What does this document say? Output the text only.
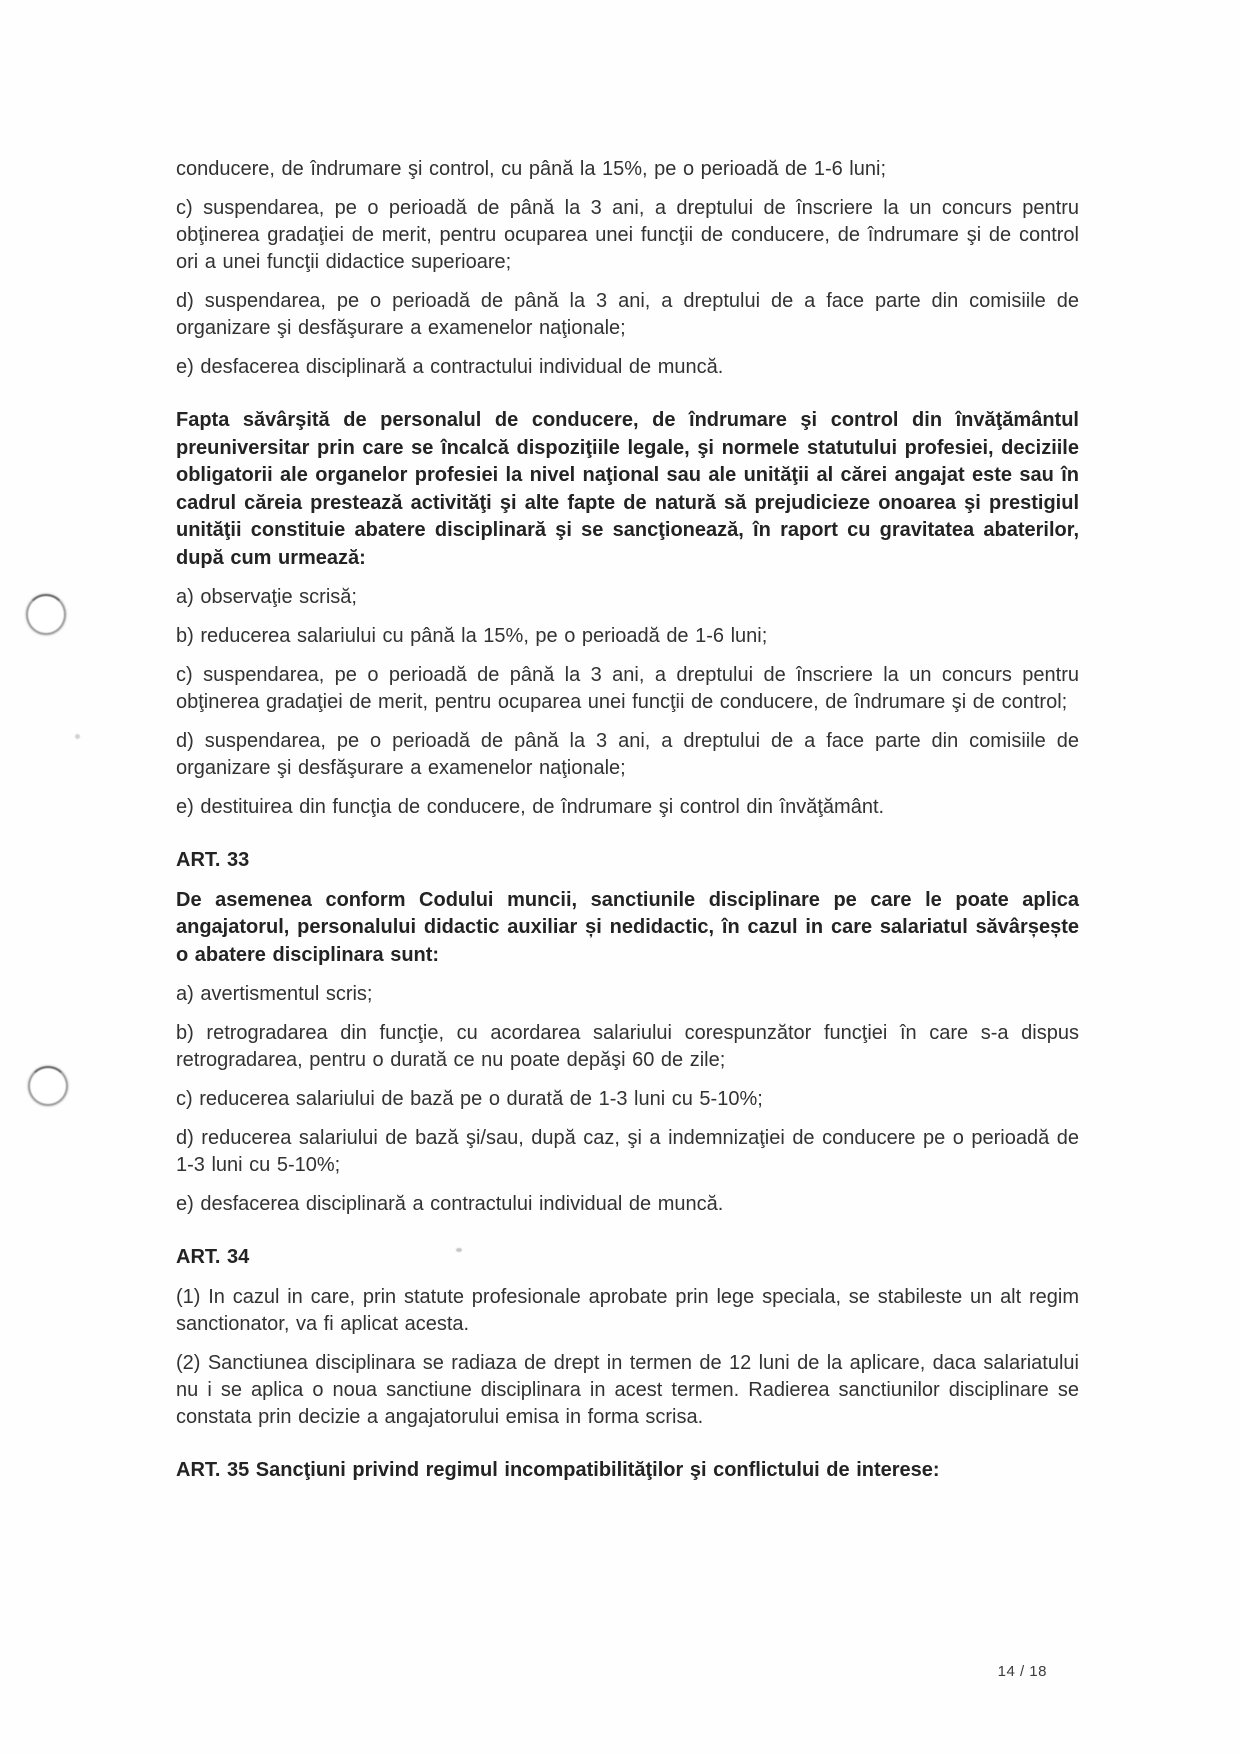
conducere, de îndrumare şi control, cu până la 15%, pe o perioadă de 1-6 luni;

c) suspendarea, pe o perioadă de până la 3 ani, a dreptului de înscriere la un concurs pentru obţinerea gradaţiei de merit, pentru ocuparea unei funcţii de conducere, de îndrumare şi de control ori a unei funcţii didactice superioare;

d) suspendarea, pe o perioadă de până la 3 ani, a dreptului de a face parte din comisiile de organizare şi desfăşurare a examenelor naţionale;

e) desfacerea disciplinară a contractului individual de muncă.

Fapta săvârşită de personalul de conducere, de îndrumare şi control din învăţământul preuniversitar prin care se încalcă dispoziţiile legale, şi normele statutului profesiei, deciziile obligatorii ale organelor profesiei la nivel naţional sau ale unităţii al cărei angajat este sau în cadrul căreia prestează activităţi şi alte fapte de natură să prejudicieze onoarea şi prestigiul unităţii constituie abatere disciplinară şi se sancţionează, în raport cu gravitatea abaterilor, după cum urmează:

a) observaţie scrisă;

b) reducerea salariului cu până la 15%, pe o perioadă de 1-6 luni;

c) suspendarea, pe o perioadă de până la 3 ani, a dreptului de înscriere la un concurs pentru obţinerea gradaţiei de merit, pentru ocuparea unei funcţii de conducere, de îndrumare şi de control;

d) suspendarea, pe o perioadă de până la 3 ani, a dreptului de a face parte din comisiile de organizare şi desfăşurare a examenelor naţionale;

e) destituirea din funcţia de conducere, de îndrumare şi control din învăţământ.

ART. 33

De asemenea conform Codului muncii, sanctiunile disciplinare pe care le poate aplica angajatorul, personalului didactic auxiliar și nedidactic, în cazul in care salariatul săvârșește o abatere disciplinara sunt:

a) avertismentul scris;

b) retrogradarea din funcţie, cu acordarea salariului corespunzător funcţiei în care s-a dispus retrogradarea, pentru o durată ce nu poate depăşi 60 de zile;

c) reducerea salariului de bază pe o durată de 1-3 luni cu 5-10%;

d) reducerea salariului de bază şi/sau, după caz, şi a indemnizaţiei de conducere pe o perioadă de 1-3 luni cu 5-10%;

e) desfacerea disciplinară a contractului individual de muncă.

ART. 34

(1) In cazul in care, prin statute profesionale aprobate prin lege speciala, se stabileste un alt regim sanctionator, va fi aplicat acesta.

(2) Sanctiunea disciplinara se radiaza de drept in termen de 12 luni de la aplicare, daca salariatului nu i se aplica o noua sanctiune disciplinara in acest termen. Radierea sanctiunilor disciplinare se constata prin decizie a angajatorului emisa in forma scrisa.

ART. 35 Sancţiuni privind regimul incompatibilităţilor şi conflictului de interese:

14 / 18
